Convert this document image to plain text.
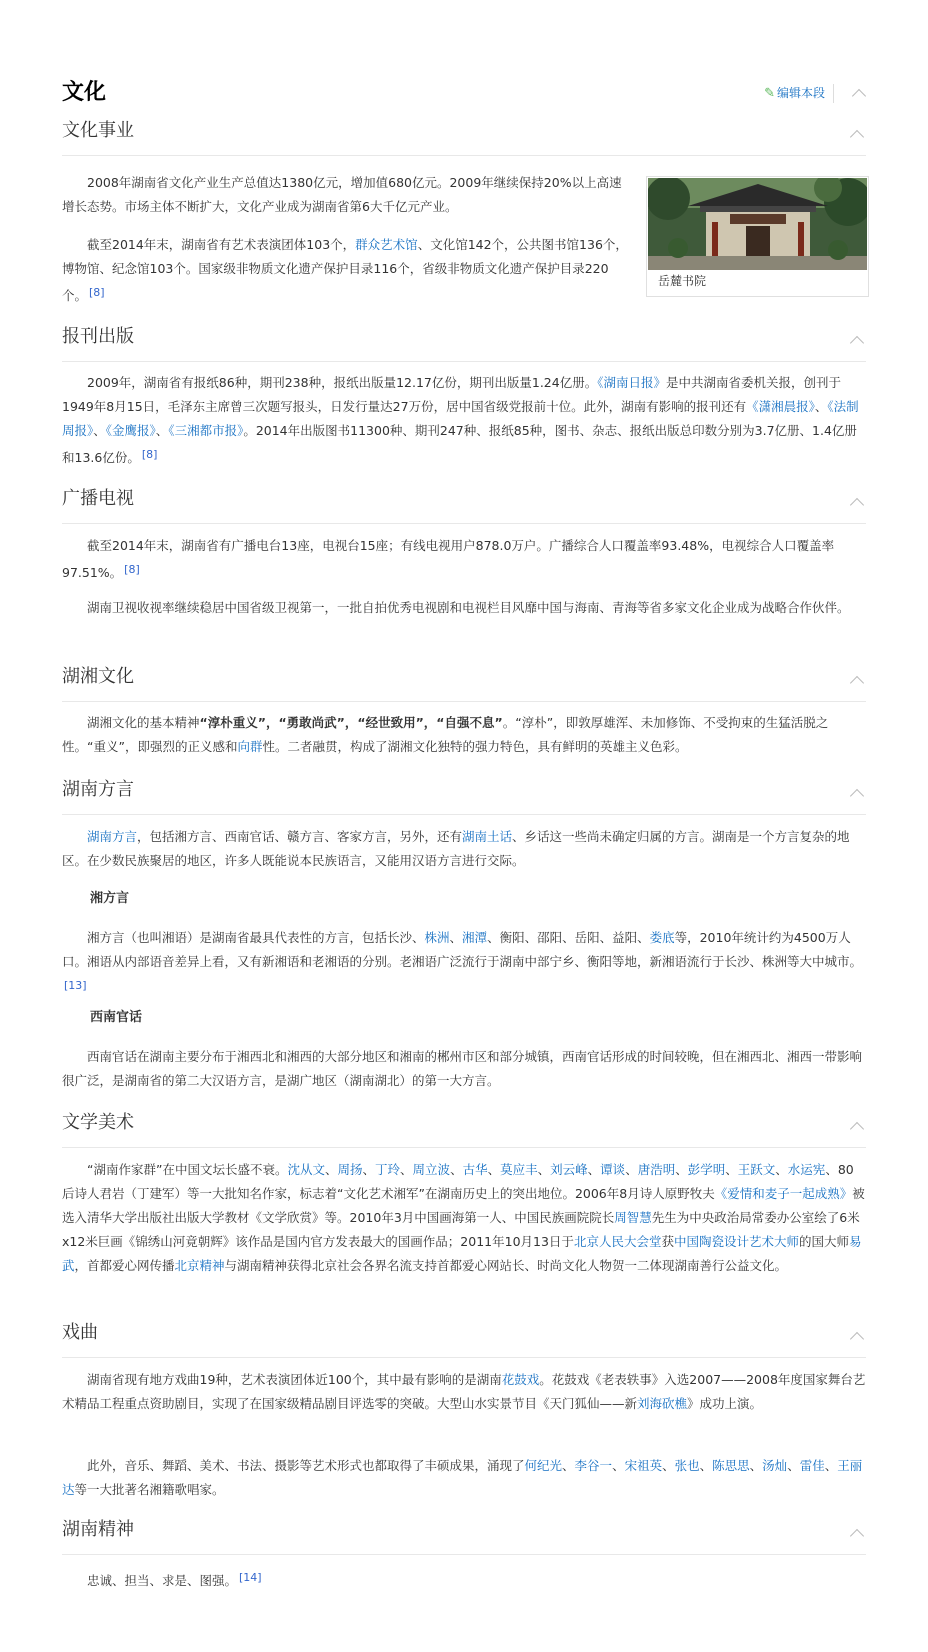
文化	✎ 编辑本段
文化事业
岳麓书院
2008年湖南省文化产业生产总值达1380亿元，增加值680亿元。2009年继续保持20%以上高速增长态势。市场主体不断扩大，文化产业成为湖南省第6大千亿元产业。
截至2014年末，湖南省有艺术表演团体103个，群众艺术馆、文化馆142个，公共图书馆136个，博物馆、纪念馆103个。国家级非物质文化遗产保护目录116个，省级非物质文化遗产保护目录220个。 [8]
报刊出版
2009年，湖南省有报纸86种，期刊238种，报纸出版量12.17亿份，期刊出版量1.24亿册。《湖南日报》是中共湖南省委机关报，创刊于1949年8月15日，毛泽东主席曾三次题写报头，日发行量达27万份，居中国省级党报前十位。此外，湖南有影响的报刊还有《潇湘晨报》、《法制周报》、《金鹰报》、《三湘都市报》。2014年出版图书11300种、期刊247种、报纸85种，图书、杂志、报纸出版总印数分别为3.7亿册、1.4亿册和13.6亿份。 [8]
广播电视
截至2014年末，湖南省有广播电台13座，电视台15座；有线电视用户878.0万户。广播综合人口覆盖率93.48%，电视综合人口覆盖率97.51%。 [8]
湖南卫视收视率继续稳居中国省级卫视第一，一批自拍优秀电视剧和电视栏目风靡中国与海南、青海等省多家文化企业成为战略合作伙伴。
湖湘文化
湖湘文化的基本精神“淳朴重义”，“勇敢尚武”，“经世致用”，“自强不息”。“淳朴”，即敦厚雄浑、未加修饰、不受拘束的生猛活脱之性。“重义”，即强烈的正义感和向群性。二者融贯，构成了湖湘文化独特的强力特色，具有鲜明的英雄主义色彩。
湖南方言
湖南方言，包括湘方言、西南官话、赣方言、客家方言，另外，还有湖南土话、乡话这一些尚未确定归属的方言。湖南是一个方言复杂的地区。在少数民族聚居的地区，许多人既能说本民族语言，又能用汉语方言进行交际。
湘方言
湘方言（也叫湘语）是湖南省最具代表性的方言，包括长沙、株洲、湘潭、衡阳、邵阳、岳阳、益阳、娄底等，2010年统计约为4500万人口。湘语从内部语音差异上看，又有新湘语和老湘语的分别。老湘语广泛流行于湖南中部宁乡、衡阳等地，新湘语流行于长沙、株洲等大中城市。[13]
西南官话
西南官话在湖南主要分布于湘西北和湘西的大部分地区和湘南的郴州市区和部分城镇，西南官话形成的时间较晚，但在湘西北、湘西一带影响很广泛，是湖南省的第二大汉语方言，是湖广地区（湖南湖北）的第一大方言。
文学美术
“湖南作家群”在中国文坛长盛不衰。沈从文、周扬、丁玲、周立波、古华、莫应丰、刘云峰、谭谈、唐浩明、彭学明、王跃文、水运宪、80后诗人君岩（丁建军）等一大批知名作家，标志着“文化艺术湘军”在湖南历史上的突出地位。2006年8月诗人原野牧夫《爱情和麦子一起成熟》被选入清华大学出版社出版大学教材《文学欣赏》等。2010年3月中国画海第一人、中国民族画院院长周智慧先生为中央政治局常委办公室绘了6米x12米巨画《锦绣山河竟朝辉》该作品是国内官方发表最大的国画作品；2011年10月13日于北京人民大会堂获中国陶瓷设计艺术大师的国大师易武，首都爱心网传播北京精神与湖南精神获得北京社会各界名流支持首都爱心网站长、时尚文化人物贺一二体现湖南善行公益文化。
戏曲
湖南省现有地方戏曲19种，艺术表演团体近100个，其中最有影响的是湖南花鼓戏。花鼓戏《老表轶事》入选2007——2008年度国家舞台艺术精品工程重点资助剧目，实现了在国家级精品剧目评选零的突破。大型山水实景节目《天门狐仙——新刘海砍樵》成功上演。
此外，音乐、舞蹈、美术、书法、摄影等艺术形式也都取得了丰硕成果，涌现了何纪光、李谷一、宋祖英、张也、陈思思、汤灿、雷佳、王丽达等一大批著名湘籍歌唱家。
湖南精神
忠诚、担当、求是、图强。 [14]
